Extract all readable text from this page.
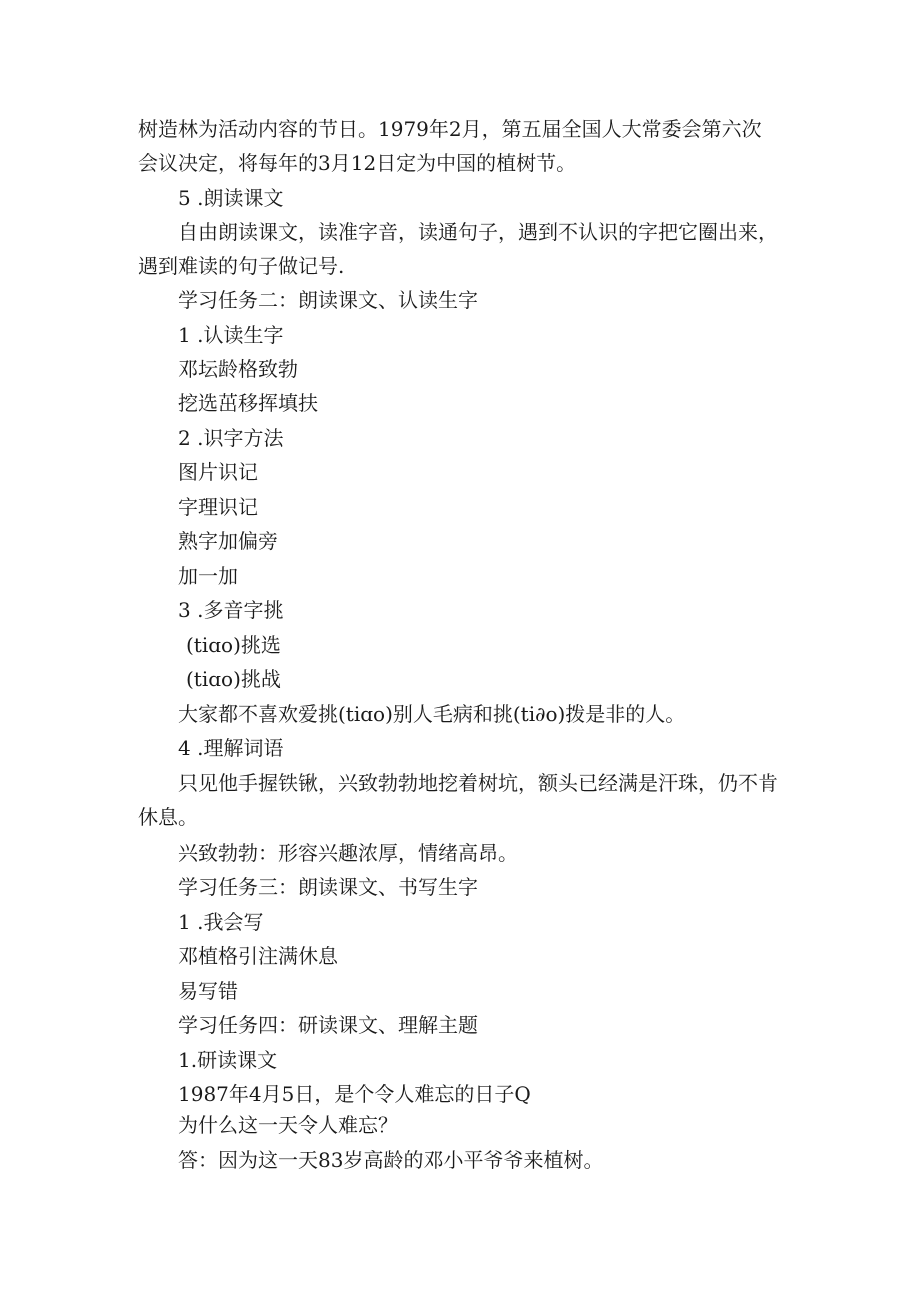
树造林为活动内容的节日。1979年2月，第五届全国人大常委会第六次
会议决定，将每年的3月12日定为中国的植树节。
5 .朗读课文
自由朗读课文，读准字音，读通句子，遇到不认识的字把它圈出来，
遇到难读的句子做记号.
学习任务二：朗读课文、认读生字
1 .认读生字
邓坛龄格致勃
挖选茁移挥填扶
2 .识字方法
图片识记
字理识记
熟字加偏旁
加一加
3 .多音字挑
(tiɑo)挑选
(tiɑo)挑战
大家都不喜欢爱挑(tiɑo)别人毛病和挑(ti∂o)拨是非的人。
4 .理解词语
只见他手握铁锹，兴致勃勃地挖着树坑，额头已经满是汗珠，仍不肯
休息。
兴致勃勃：形容兴趣浓厚，情绪高昂。
学习任务三：朗读课文、书写生字
1 .我会写
邓植格引注满休息
易写错
学习任务四：研读课文、理解主题
1.研读课文
1987年4月5日，是个令人难忘的日子Q
为什么这一天令人难忘？
答：因为这一天83岁高龄的邓小平爷爷来植树。
